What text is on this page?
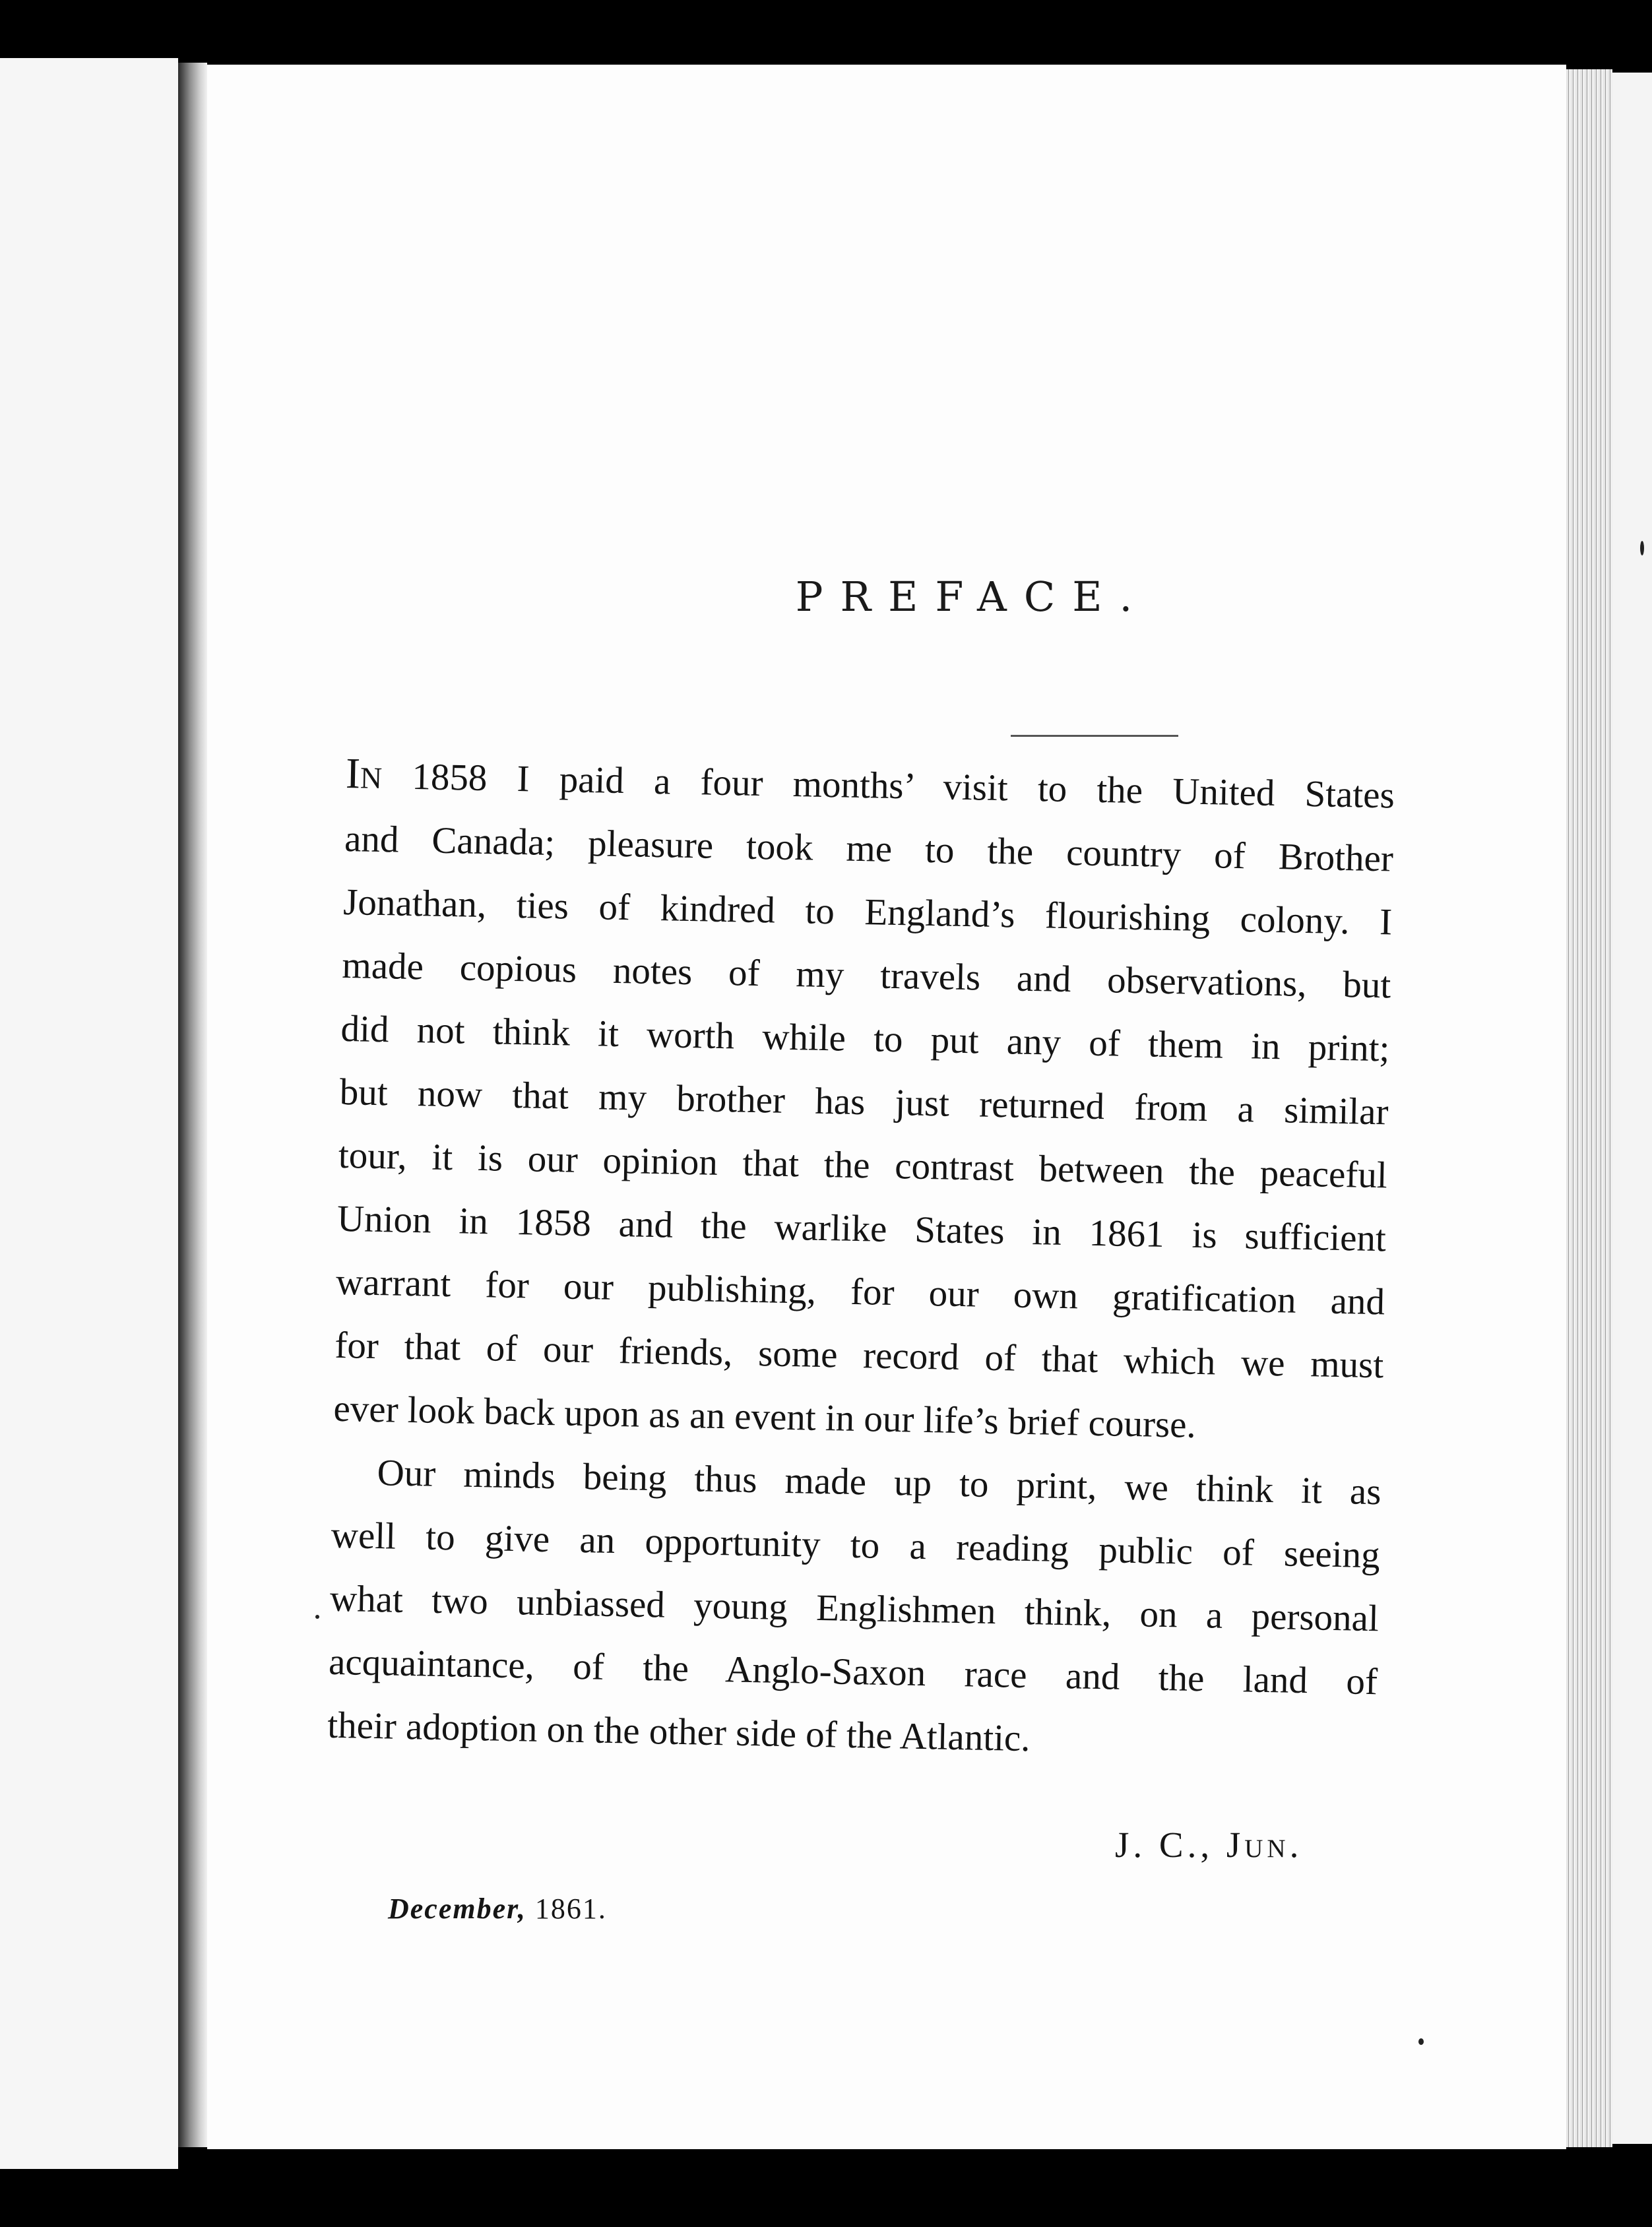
PREFACE.
In 1858 I paid a four months’ visit to the United States
and Canada; pleasure took me to the country of Brother
Jonathan, ties of kindred to England’s flourishing colony. I
made copious notes of my travels and observations, but
did not think it worth while to put any of them in print;
but now that my brother has just returned from a similar
tour, it is our opinion that the contrast between the peaceful
Union in 1858 and the warlike States in 1861 is sufficient
warrant for our publishing, for our own gratification and
for that of our friends, some record of that which we must
ever look back upon as an event in our life’s brief course.
Our minds being thus made up to print, we think it as
well to give an opportunity to a reading public of seeing
what two unbiassed young Englishmen think, on a personal
acquaintance, of the Anglo-Saxon race and the land of
their adoption on the other side of the Atlantic.
J. C., Jun.
December, 1861.
